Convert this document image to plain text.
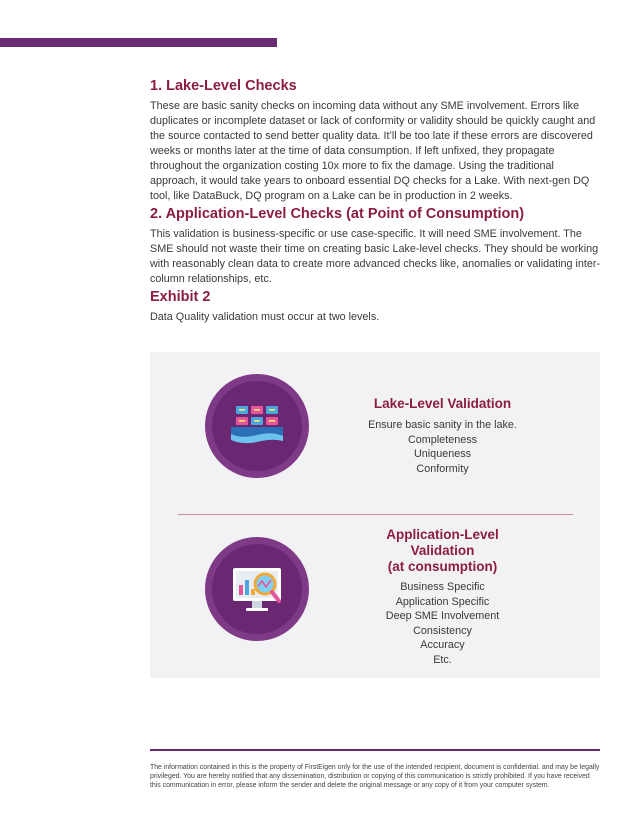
1. Lake-Level Checks

These are basic sanity checks on incoming data without any SME involvement. Errors like duplicates or incomplete dataset or lack of conformity or validity should be quickly caught and the source contacted to send better quality data. It’ll be too late if these errors are discovered weeks or months later at the time of data consumption. If left unfixed, they propagate throughout the organization costing 10x more to fix the damage. Using the traditional approach, it would take years to onboard essential DQ checks for a Lake. With next-gen DQ tool, like DataBuck, DQ program on a Lake can be in production in 2 weeks.

2. Application-Level Checks (at Point of Consumption)

This validation is business-specific or use case-specific. It will need SME involvement. The SME should not waste their time on creating basic Lake-level checks. They should be working with reasonably clean data to create more advanced checks like, anomalies or validating inter-column relationships, etc.

Exhibit 2

Data Quality validation must occur at two levels.

Lake-Level Validation
Ensure basic sanity in the lake.
Completeness
Uniqueness
Conformity
Application-Level
Validation
(at consumption)
Business Specific
Application Specific
Deep SME Involvement
Consistency
Accuracy
Etc.
The information contained in this is the property of FirstEigen only for the use of the intended recipient, document is confidential. and may be legally privileged. You are hereby notified that any dissemination, distribution or copying of this communication is strictly prohibited. If you have received this communication in error, please inform the sender and delete the original message or any copy of it from your computer system.
